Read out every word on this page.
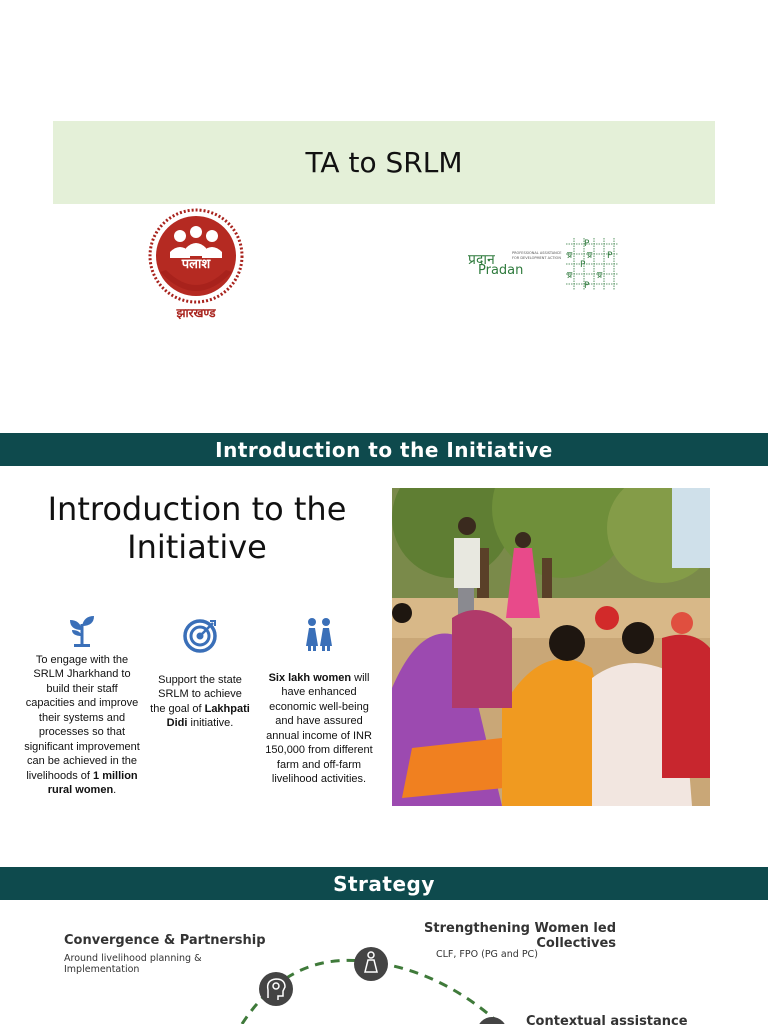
TA to SRLM
पलाश
झारखण्ड
प्रदान
Pradan
PROFESSIONAL ASSISTANCE
FOR DEVELOPMENT ACTION
P
प्र प्र P
P
प्र	प्र
P
Introduction to the Initiative
Introduction to the Initiative
To engage with the SRLM Jharkhand to build their staff capacities and improve their systems and processes so that significant improvement can be achieved in the livelihoods of 1 million rural women.
Support the state SRLM to achieve the goal of Lakhpati Didi initiative.
Six lakh women will have enhanced economic well-being and have assured annual income of INR 150,000 from different farm and off-farm livelihood activities.
Strategy
Convergence & Partnership
Around livelihood planning & Implementation
Strengthening Women led Collectives
CLF, FPO (PG and PC)
Contextual assistance
